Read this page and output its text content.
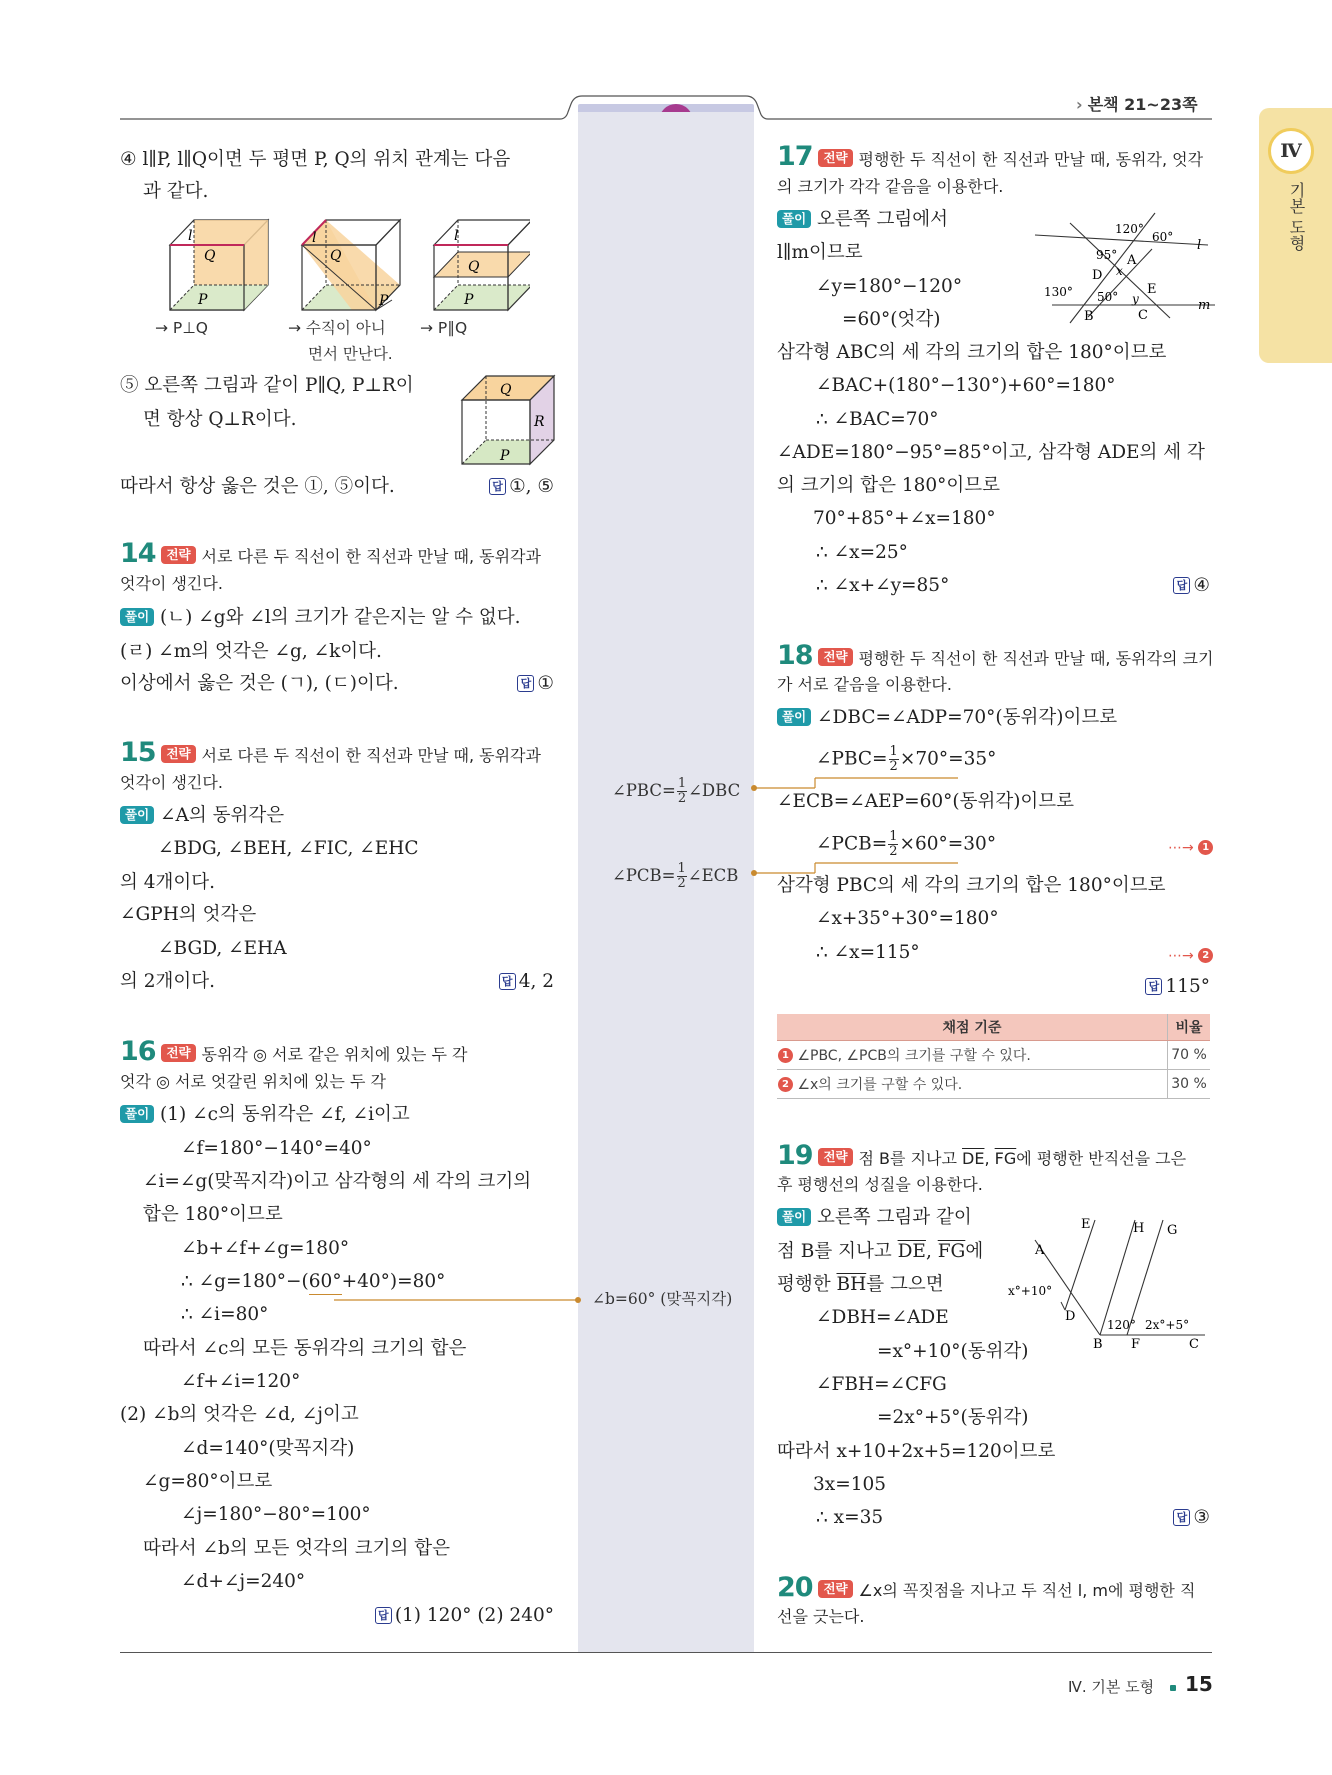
› 본책 21∼23쪽
Ⅳ
기본 도형
④ l∥P, l∥Q이면 두 평면 P, Q의 위치 관계는 다음
과 같다.
l
Q
P
l
Q
P
l
Q
P
→ P⊥Q	→ 수직이 아니
면서 만난다.
→ P∥Q
⑤ 오른쪽 그림과 같이 P∥Q, P⊥R이
면 항상 Q⊥R이다.
Q
R
P
따라서 항상 옳은 것은 ①, ⑤이다.	답 ①, ⑤
14 전략 서로 다른 두 직선이 한 직선과 만날 때, 동위각과
엇각이 생긴다.
풀이 (ㄴ) ∠g와 ∠l의 크기가 같은지는 알 수 없다.
(ㄹ) ∠m의 엇각은 ∠g, ∠k이다.
이상에서 옳은 것은 (ㄱ), (ㄷ)이다.	답 ①
15 전략 서로 다른 두 직선이 한 직선과 만날 때, 동위각과
엇각이 생긴다.
풀이 ∠A의 동위각은
∠BDG, ∠BEH, ∠FIC, ∠EHC
의 4개이다.
∠GPH의 엇각은
∠BGD, ∠EHA
의 2개이다.	답 4, 2
16 전략 동위각 ◎ 서로 같은 위치에 있는 두 각
엇각 ◎ 서로 엇갈린 위치에 있는 두 각
풀이 (1) ∠c의 동위각은 ∠f, ∠i이고
∠f=180°−140°=40°
∠i=∠g(맞꼭지각)이고 삼각형의 세 각의 크기의
합은 180°이므로
∠b+∠f+∠g=180°
∴ ∠g=180°−(60°+40°)=80°
∴ ∠i=80°
따라서 ∠c의 모든 동위각의 크기의 합은
∠f+∠i=120°
(2) ∠b의 엇각은 ∠d, ∠j이고
∠d=140°(맞꼭지각)
∠g=80°이므로
∠j=180°−80°=100°
따라서 ∠b의 모든 엇각의 크기의 합은
∠d+∠j=240°
답 (1) 120° (2) 240°
∠PBC= $\frac{1}{2}$ ∠DBC
∠PCB= $\frac{1}{2}$ ∠ECB
∠b=60° (맞꼭지각)
17 전략 평행한 두 직선이 한 직선과 만날 때, 동위각, 엇각
의 크기가 각각 같음을 이용한다.
풀이 오른쪽 그림에서
l∥m이므로
∠y=180°−120°
=60°(엇각)
120°
60°
95° A
D x
130° 50° E
y
B	C
l
m
삼각형 ABC의 세 각의 크기의 합은 180°이므로
∠BAC+(180°−130°)+60°=180°
∴ ∠BAC=70°
∠ADE=180°−95°=85°이고, 삼각형 ADE의 세 각
의 크기의 합은 180°이므로
70°+85°+∠x=180°
∴ ∠x=25°
∴ ∠x+∠y=85°	답 ④
18 전략 평행한 두 직선이 한 직선과 만날 때, 동위각의 크기
가 서로 같음을 이용한다.
풀이 ∠DBC=∠ADP=70°(동위각)이므로
∠PBC= $\frac{1}{2} \times 70^\circ=35^\circ$
∠ECB=∠AEP=60°(동위각)이므로
∠PCB= $\frac{1}{2} \times 60^\circ=30^\circ$	⋯→ 1
삼각형 PBC의 세 각의 크기의 합은 180°이므로
∠x+35°+30°=180°
∴ ∠x=115°	⋯→ 2
답 115°
채점 기준	비율
1 ∠PBC, ∠PCB의 크기를 구할 수 있다.	70 %
2 ∠x의 크기를 구할 수 있다.	30 %
19 전략 점 B를 지나고 $\overline{DE}$, $\overline{FG}$에 평행한 반직선을 그은
후 평행선의 성질을 이용한다.
풀이 오른쪽 그림과 같이
점 B를 지나고 $\overline{DE}$, $\overline{FG}$에
평행한 $\overline{BH}$를 그으면
∠DBH=∠ADE
=x°+10°(동위각)
∠FBH=∠CFG
=2x°+5°(동위각)
E	H G
A
x°+10°
D
120° 2x°+5°
B F	C
따라서 x+10+2x+5=120이므로
3x=105
∴ x=35	답 ③
20 전략 ∠x의 꼭짓점을 지나고 두 직선 l, m에 평행한 직
선을 긋는다.
Ⅳ. 기본 도형 15
